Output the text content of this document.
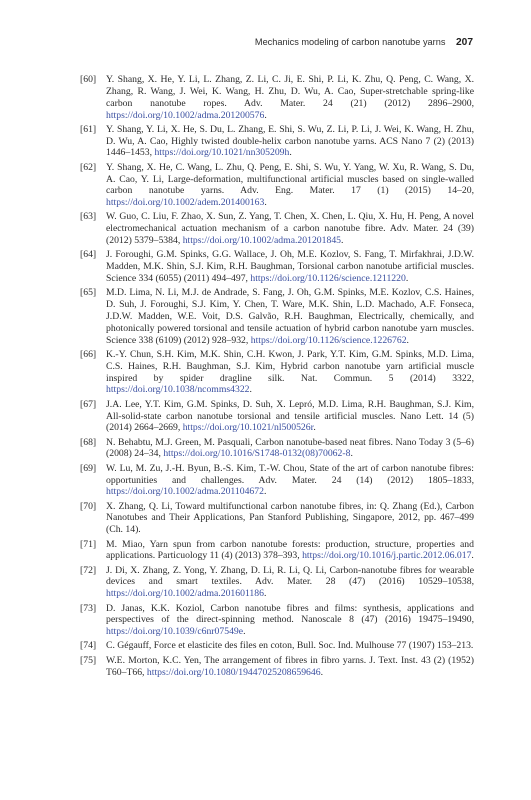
Mechanics modeling of carbon nanotube yarns 207
[60]	Y. Shang, X. He, Y. Li, L. Zhang, Z. Li, C. Ji, E. Shi, P. Li, K. Zhu, Q. Peng, C. Wang, X. Zhang, R. Wang, J. Wei, K. Wang, H. Zhu, D. Wu, A. Cao, Super-stretchable spring-like carbon nanotube ropes. Adv. Mater. 24 (21) (2012) 2896–2900, https://doi.org/10.1002/adma.201200576.
[61]	Y. Shang, Y. Li, X. He, S. Du, L. Zhang, E. Shi, S. Wu, Z. Li, P. Li, J. Wei, K. Wang, H. Zhu, D. Wu, A. Cao, Highly twisted double-helix carbon nanotube yarns. ACS Nano 7 (2) (2013) 1446–1453, https://doi.org/10.1021/nn305209h.
[62]	Y. Shang, X. He, C. Wang, L. Zhu, Q. Peng, E. Shi, S. Wu, Y. Yang, W. Xu, R. Wang, S. Du, A. Cao, Y. Li, Large-deformation, multifunctional artificial muscles based on single-walled carbon nanotube yarns. Adv. Eng. Mater. 17 (1) (2015) 14–20, https://doi.org/10.1002/adem.201400163.
[63]	W. Guo, C. Liu, F. Zhao, X. Sun, Z. Yang, T. Chen, X. Chen, L. Qiu, X. Hu, H. Peng, A novel electromechanical actuation mechanism of a carbon nanotube fibre. Adv. Mater. 24 (39) (2012) 5379–5384, https://doi.org/10.1002/adma.201201845.
[64]	J. Foroughi, G.M. Spinks, G.G. Wallace, J. Oh, M.E. Kozlov, S. Fang, T. Mirfakhrai, J.D.W. Madden, M.K. Shin, S.J. Kim, R.H. Baughman, Torsional carbon nanotube artificial muscles. Science 334 (6055) (2011) 494–497, https://doi.org/10.1126/science.1211220.
[65]	M.D. Lima, N. Li, M.J. de Andrade, S. Fang, J. Oh, G.M. Spinks, M.E. Kozlov, C.S. Haines, D. Suh, J. Foroughi, S.J. Kim, Y. Chen, T. Ware, M.K. Shin, L.D. Machado, A.F. Fonseca, J.D.W. Madden, W.E. Voit, D.S. Galvão, R.H. Baughman, Electrically, chemically, and photonically powered torsional and tensile actuation of hybrid carbon nanotube yarn muscles. Science 338 (6109) (2012) 928–932, https://doi.org/10.1126/science.1226762.
[66]	K.-Y. Chun, S.H. Kim, M.K. Shin, C.H. Kwon, J. Park, Y.T. Kim, G.M. Spinks, M.D. Lima, C.S. Haines, R.H. Baughman, S.J. Kim, Hybrid carbon nanotube yarn artificial muscle inspired by spider dragline silk. Nat. Commun. 5 (2014) 3322, https://doi.org/10.1038/ncomms4322.
[67]	J.A. Lee, Y.T. Kim, G.M. Spinks, D. Suh, X. Lepró, M.D. Lima, R.H. Baughman, S.J. Kim, All-solid-state carbon nanotube torsional and tensile artificial muscles. Nano Lett. 14 (5) (2014) 2664–2669, https://doi.org/10.1021/nl500526r.
[68]	N. Behabtu, M.J. Green, M. Pasquali, Carbon nanotube-based neat fibres. Nano Today 3 (5–6) (2008) 24–34, https://doi.org/10.1016/S1748-0132(08)70062-8.
[69]	W. Lu, M. Zu, J.-H. Byun, B.-S. Kim, T.-W. Chou, State of the art of carbon nanotube fibres: opportunities and challenges. Adv. Mater. 24 (14) (2012) 1805–1833, https://doi.org/10.1002/adma.201104672.
[70]	X. Zhang, Q. Li, Toward multifunctional carbon nanotube fibres, in: Q. Zhang (Ed.), Carbon Nanotubes and Their Applications, Pan Stanford Publishing, Singapore, 2012, pp. 467–499 (Ch. 14).
[71]	M. Miao, Yarn spun from carbon nanotube forests: production, structure, properties and applications. Particuology 11 (4) (2013) 378–393, https://doi.org/10.1016/j.partic.2012.06.017.
[72]	J. Di, X. Zhang, Z. Yong, Y. Zhang, D. Li, R. Li, Q. Li, Carbon-nanotube fibres for wearable devices and smart textiles. Adv. Mater. 28 (47) (2016) 10529–10538, https://doi.org/10.1002/adma.201601186.
[73]	D. Janas, K.K. Koziol, Carbon nanotube fibres and films: synthesis, applications and perspectives of the direct-spinning method. Nanoscale 8 (47) (2016) 19475–19490, https://doi.org/10.1039/c6nr07549e.
[74]	C. Gégauff, Force et elasticite des files en coton, Bull. Soc. Ind. Mulhouse 77 (1907) 153–213.
[75]	W.E. Morton, K.C. Yen, The arrangement of fibres in fibro yarns. J. Text. Inst. 43 (2) (1952) T60–T66, https://doi.org/10.1080/19447025208659646.
